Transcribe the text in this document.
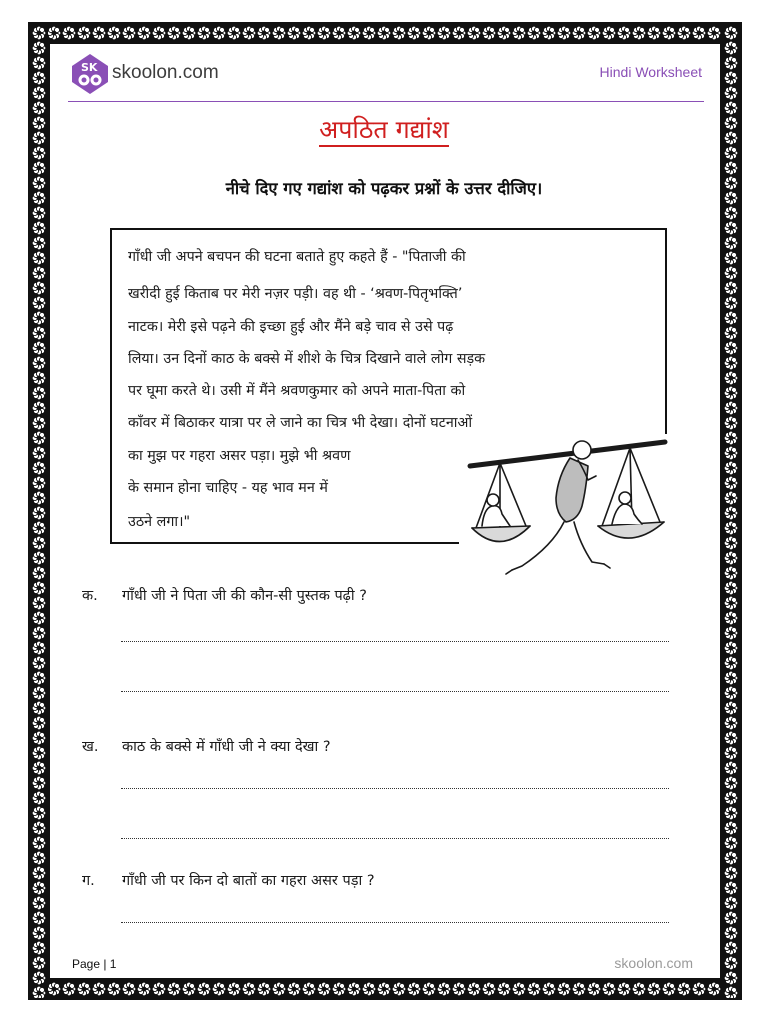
SK skoolon.com	Hindi Worksheet
अपठित गद्यांश
नीचे दिए गए गद्यांश को पढ़कर प्रश्नों के उत्तर दीजिए।
गाँधी जी अपने बचपन की घटना बताते हुए कहते हैं - "पिताजी की
खरीदी हुई किताब पर मेरी नज़र पड़ी। वह थी - ‘श्रवण-पितृभक्ति’
नाटक। मेरी इसे पढ़ने की इच्छा हुई और मैंने बड़े चाव से उसे पढ़
लिया। उन दिनों काठ के बक्से में शीशे के चित्र दिखाने वाले लोग सड़क
पर घूमा करते थे। उसी में मैंने श्रवणकुमार को अपने माता-पिता को
काँवर में बिठाकर यात्रा पर ले जाने का चित्र भी देखा। दोनों घटनाओं
का मुझ पर गहरा असर पड़ा। मुझे भी श्रवण
के समान होना चाहिए - यह भाव मन में
उठने लगा।"
क. गाँधी जी ने पिता जी की कौन-सी पुस्तक पढ़ी ?
ख. काठ के बक्से में गाँधी जी ने क्या देखा ?
ग. गाँधी जी पर किन दो बातों का गहरा असर पड़ा ?
Page | 1	skoolon.com
